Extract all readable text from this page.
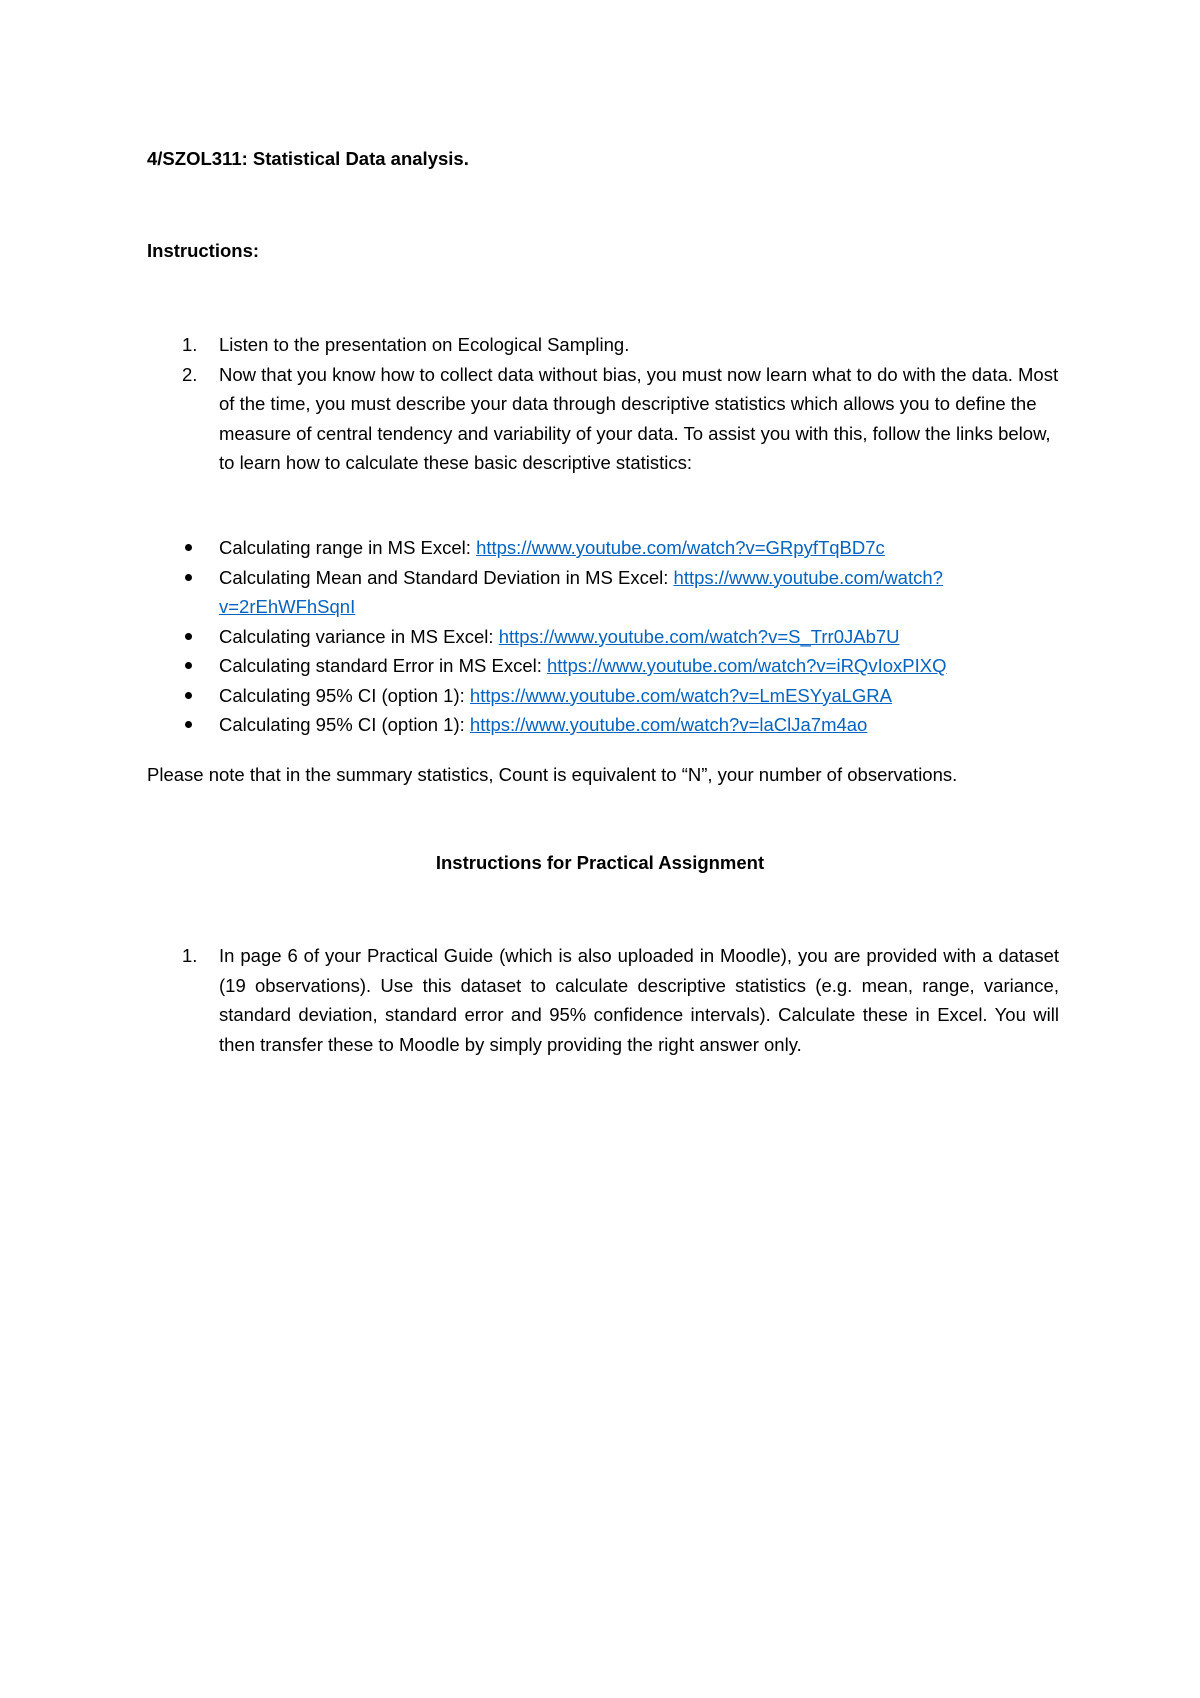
4/SZOL311: Statistical Data analysis.
Instructions:
1. Listen to the presentation on Ecological Sampling.
2. Now that you know how to collect data without bias, you must now learn what to do with the data. Most of the time, you must describe your data through descriptive statistics which allows you to define the measure of central tendency and variability of your data. To assist you with this, follow the links below, to learn how to calculate these basic descriptive statistics:
Calculating range in MS Excel: https://www.youtube.com/watch?v=GRpyfTqBD7c
Calculating Mean and Standard Deviation in MS Excel: https://www.youtube.com/watch?v=2rEhWFhSqnI
Calculating variance in MS Excel: https://www.youtube.com/watch?v=S_Trr0JAb7U
Calculating standard Error in MS Excel: https://www.youtube.com/watch?v=iRQvIoxPIXQ
Calculating 95% CI (option 1): https://www.youtube.com/watch?v=LmESYyaLGRA
Calculating 95% CI (option 1): https://www.youtube.com/watch?v=laClJa7m4ao
Please note that in the summary statistics, Count is equivalent to “N”, your number of observations.
Instructions for Practical Assignment
1. In page 6 of your Practical Guide (which is also uploaded in Moodle), you are provided with a dataset (19 observations). Use this dataset to calculate descriptive statistics (e.g. mean, range, variance, standard deviation, standard error and 95% confidence intervals). Calculate these in Excel. You will then transfer these to Moodle by simply providing the right answer only.
